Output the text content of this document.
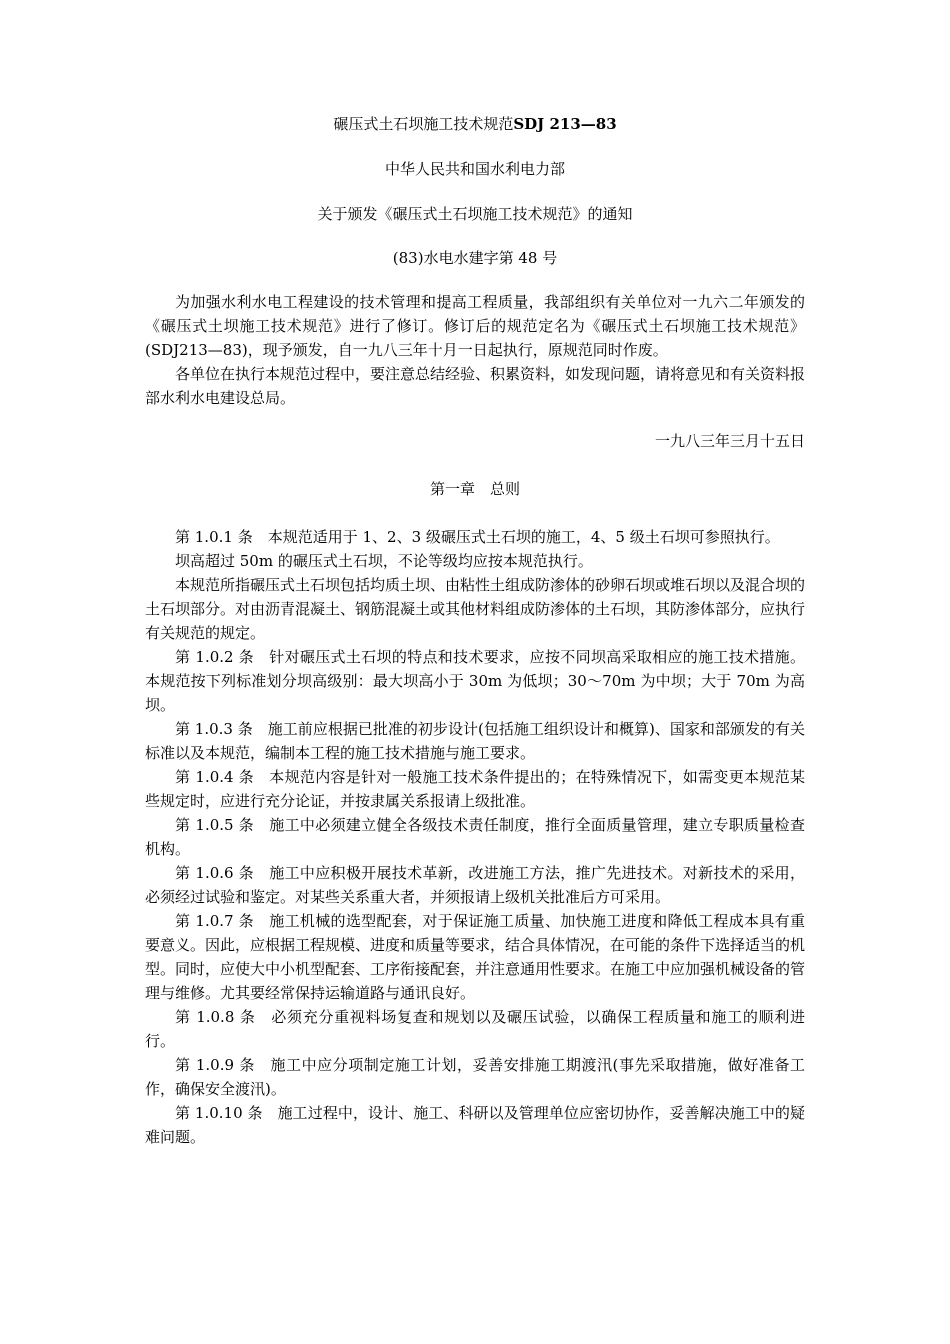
碾压式土石坝施工技术规范SDJ 213—83

中华人民共和国水利电力部

关于颁发《碾压式土石坝施工技术规范》的通知

(83)水电水建字第 48 号

为加强水利水电工程建设的技术管理和提高工程质量，我部组织有关单位对一九六二年颁发的《碾压式土坝施工技术规范》进行了修订。修订后的规范定名为《碾压式土石坝施工技术规范》(SDJ213—83)，现予颁发，自一九八三年十月一日起执行，原规范同时作废。

各单位在执行本规范过程中，要注意总结经验、积累资料，如发现问题，请将意见和有关资料报部水利水电建设总局。

一九八三年三月十五日

第一章 总则

第 1.0.1 条　 本规范适用于 1、2、3 级碾压式土石坝的施工，4、5 级土石坝可参照执行。

坝高超过 50m 的碾压式土石坝，不论等级均应按本规范执行。

本规范所指碾压式土石坝包括均质土坝、由粘性土组成防渗体的砂卵石坝或堆石坝以及混合坝的土石坝部分。对由沥青混凝土、钢筋混凝土或其他材料组成防渗体的土石坝，其防渗体部分，应执行有关规范的规定。

第 1.0.2 条　 针对碾压式土石坝的特点和技术要求，应按不同坝高采取相应的施工技术措施。本规范按下列标准划分坝高级别：最大坝高小于 30m 为低坝；30～70m 为中坝；大于 70m 为高坝。

第 1.0.3 条　 施工前应根据已批准的初步设计(包括施工组织设计和概算)、国家和部颁发的有关标准以及本规范，编制本工程的施工技术措施与施工要求。

第 1.0.4 条　 本规范内容是针对一般施工技术条件提出的；在特殊情况下，如需变更本规范某些规定时，应进行充分论证，并按隶属关系报请上级批准。

第 1.0.5 条　 施工中必须建立健全各级技术责任制度，推行全面质量管理，建立专职质量检查机构。

第 1.0.6 条　 施工中应积极开展技术革新，改进施工方法，推广先进技术。对新技术的采用，必须经过试验和鉴定。对某些关系重大者，并须报请上级机关批准后方可采用。

第 1.0.7 条　 施工机械的选型配套，对于保证施工质量、加快施工进度和降低工程成本具有重要意义。因此，应根据工程规模、进度和质量等要求，结合具体情况，在可能的条件下选择适当的机型。同时，应使大中小机型配套、工序衔接配套，并注意通用性要求。在施工中应加强机械设备的管理与维修。尤其要经常保持运输道路与通讯良好。

第 1.0.8 条　 必须充分重视料场复查和规划以及碾压试验，以确保工程质量和施工的顺利进行。

第 1.0.9 条　 施工中应分项制定施工计划，妥善安排施工期渡汛(事先采取措施，做好准备工作，确保安全渡汛)。

第 1.0.10 条　 施工过程中，设计、施工、科研以及管理单位应密切协作，妥善解决施工中的疑难问题。
